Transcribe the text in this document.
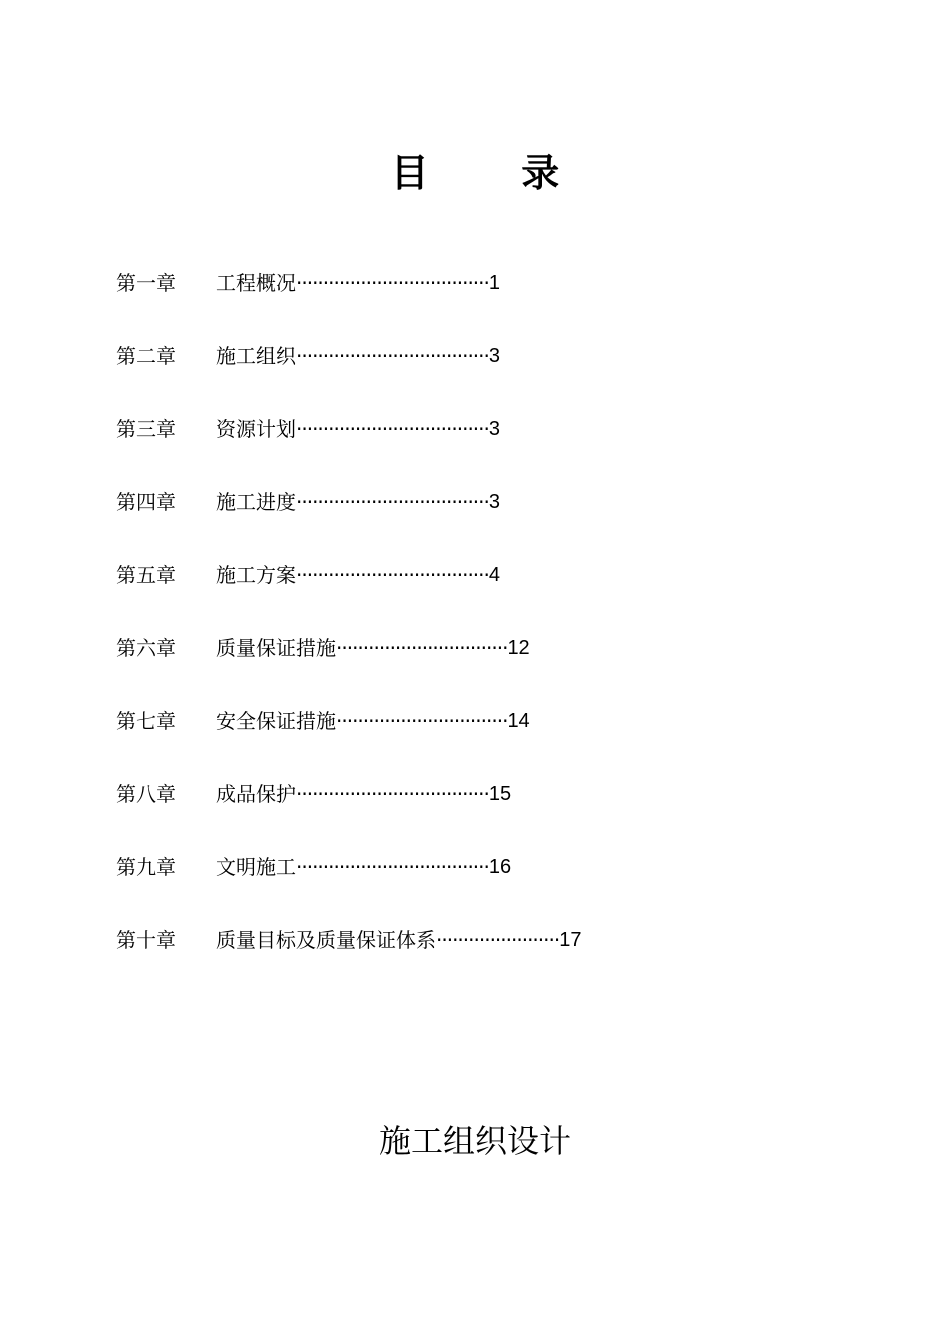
目       录
第一章	工程概况 ···································· 1
第二章	施工组织 ···································· 3
第三章	资源计划 ···································· 3
第四章	施工进度 ···································· 3
第五章	施工方案 ···································· 4
第六章	质量保证措施 ································ 12
第七章	安全保证措施 ································ 14
第八章	成品保护 ···································· 15
第九章	文明施工 ···································· 16
第十章	质量目标及质量保证体系 ······················· 17
施工组织设计
